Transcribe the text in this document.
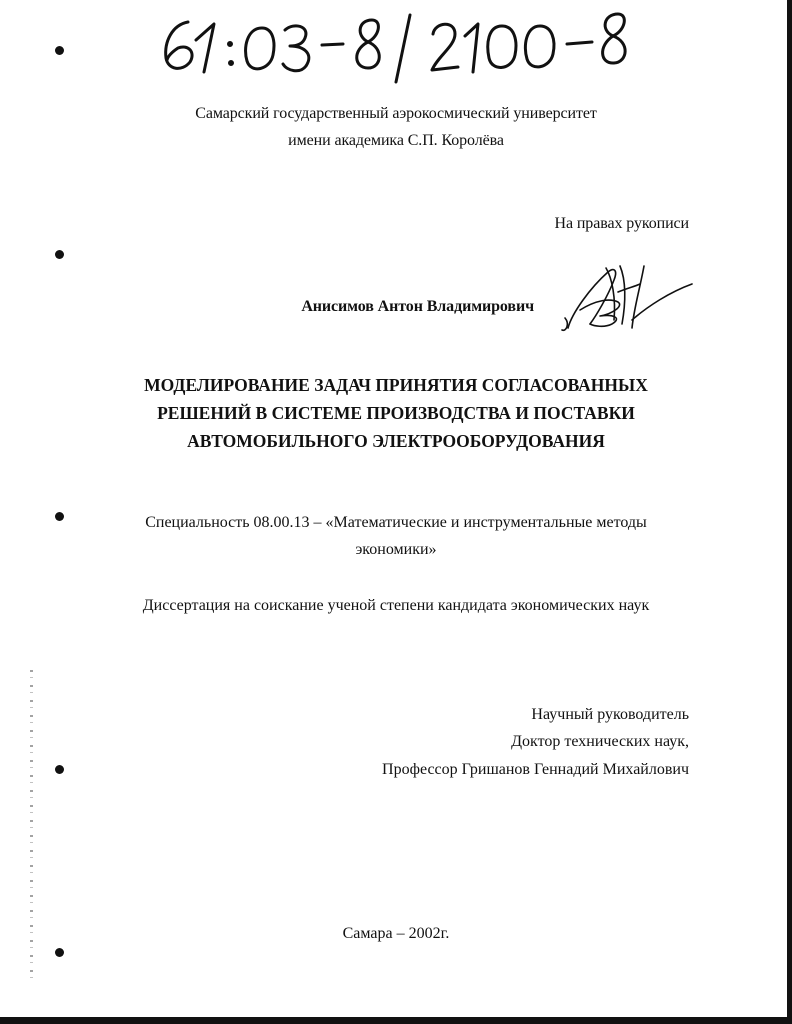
Самарский государственный аэрокосмический университет
имени академика С.П. Королёва
На правах рукописи
Анисимов Антон Владимирович
МОДЕЛИРОВАНИЕ ЗАДАЧ ПРИНЯТИЯ СОГЛАСОВАННЫХ
РЕШЕНИЙ В СИСТЕМЕ ПРОИЗВОДСТВА И ПОСТАВКИ
АВТОМОБИЛЬНОГО ЭЛЕКТРООБОРУДОВАНИЯ
Специальность 08.00.13 – «Математические и инструментальные методы
экономики»
Диссертация на соискание ученой степени кандидата экономических наук
Научный руководитель
Доктор технических наук,
Профессор Гришанов Геннадий Михайлович
Самара – 2002г.
